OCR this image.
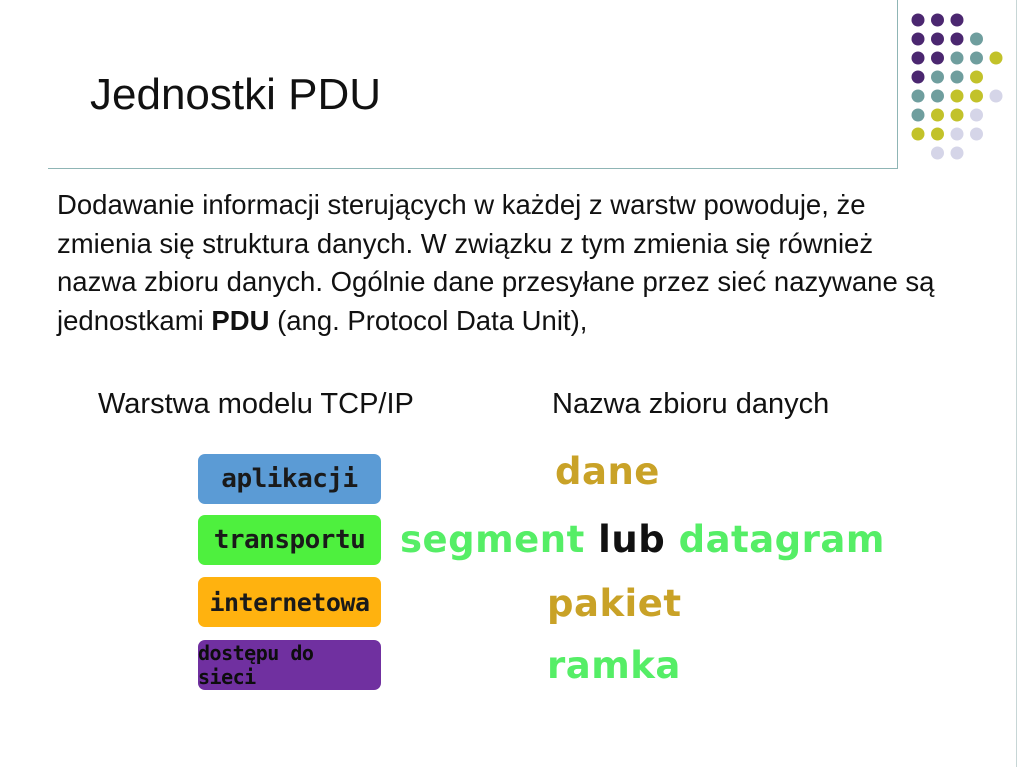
Jednostki PDU
Dodawanie informacji sterujących w każdej z warstw powoduje, że zmienia się struktura danych. W związku z tym zmienia się również nazwa zbioru danych. Ogólnie dane przesyłane przez sieć nazywane są jednostkami PDU (ang. Protocol Data Unit),
Warstwa modelu TCP/IP	Nazwa zbioru danych
aplikacji
transportu
internetowa
dostępu do sieci
dane
segment lub datagram
pakiet
ramka
